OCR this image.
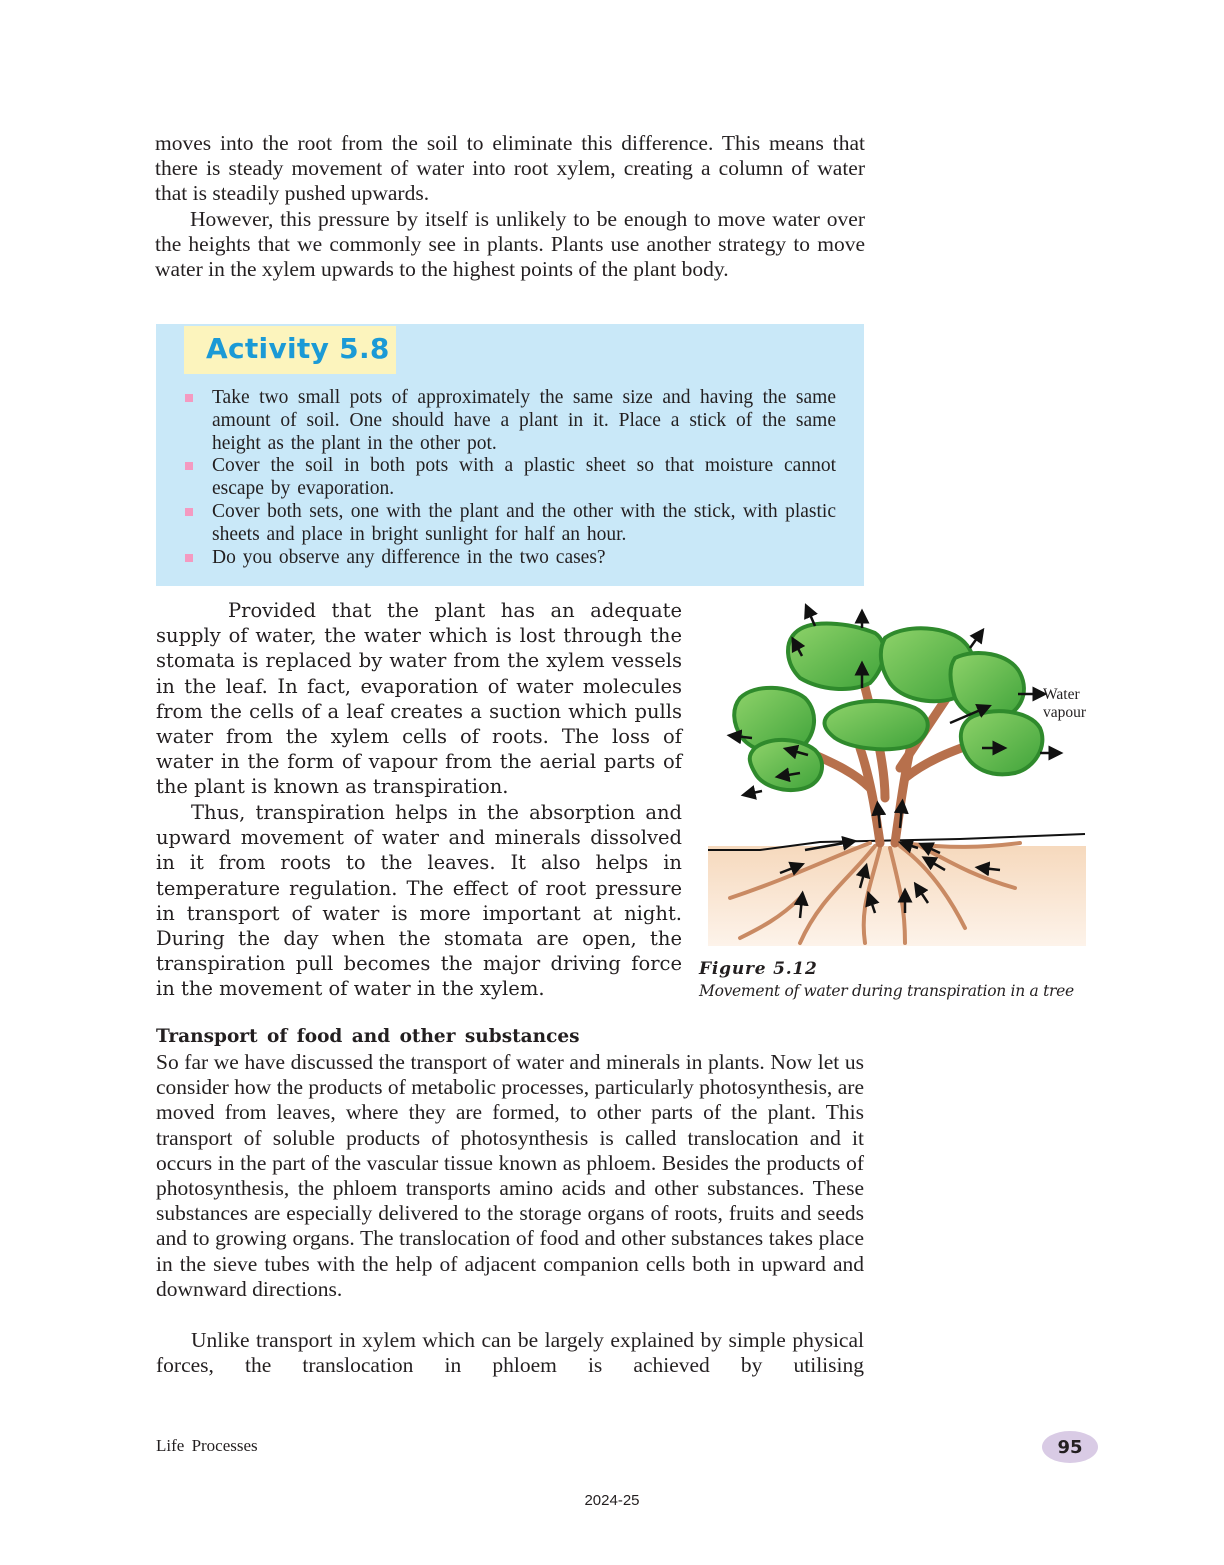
moves into the root from the soil to eliminate this difference. This means that there is steady movement of water into root xylem, creating a column of water that is steadily pushed upwards.

However, this pressure by itself is unlikely to be enough to move water over the heights that we commonly see in plants. Plants use another strategy to move water in the xylem upwards to the highest points of the plant body.

Activity 5.8
Take two small pots of approximately the same size and having the same amount of soil. One should have a plant in it. Place a stick of the same height as the plant in the other pot.
Cover the soil in both pots with a plastic sheet so that moisture cannot escape by evaporation.
Cover both sets, one with the plant and the other with the stick, with plastic sheets and place in bright sunlight for half an hour.
Do you observe any difference in the two cases?

Provided that the plant has an adequate supply of water, the water which is lost through the stomata is replaced by water from the xylem vessels in the leaf. In fact, evaporation of water molecules from the cells of a leaf creates a suction which pulls water from the xylem cells of roots. The loss of water in the form of vapour from the aerial parts of the plant is known as transpiration.

Thus, transpiration helps in the absorption and upward movement of water and minerals dissolved in it from roots to the leaves. It also helps in temperature regulation. The effect of root pressure in transport of water is more important at night. During the day when the stomata are open, the transpiration pull becomes the major driving force in the movement of water in the xylem.

Water
vapour
Figure 5.12
Movement of water during transpiration in a tree
Transport of food and other substances

So far we have discussed the transport of water and minerals in plants. Now let us consider how the products of metabolic processes, particularly photosynthesis, are moved from leaves, where they are formed, to other parts of the plant. This transport of soluble products of photosynthesis is called translocation and it occurs in the part of the vascular tissue known as phloem. Besides the products of photosynthesis, the phloem transports amino acids and other substances. These substances are especially delivered to the storage organs of roots, fruits and seeds and to growing organs. The translocation of food and other substances takes place in the sieve tubes with the help of adjacent companion cells both in upward and downward directions.

Unlike transport in xylem which can be largely explained by simple physical forces, the translocation in phloem is achieved by utilising

Life Processes	95
2024-25
